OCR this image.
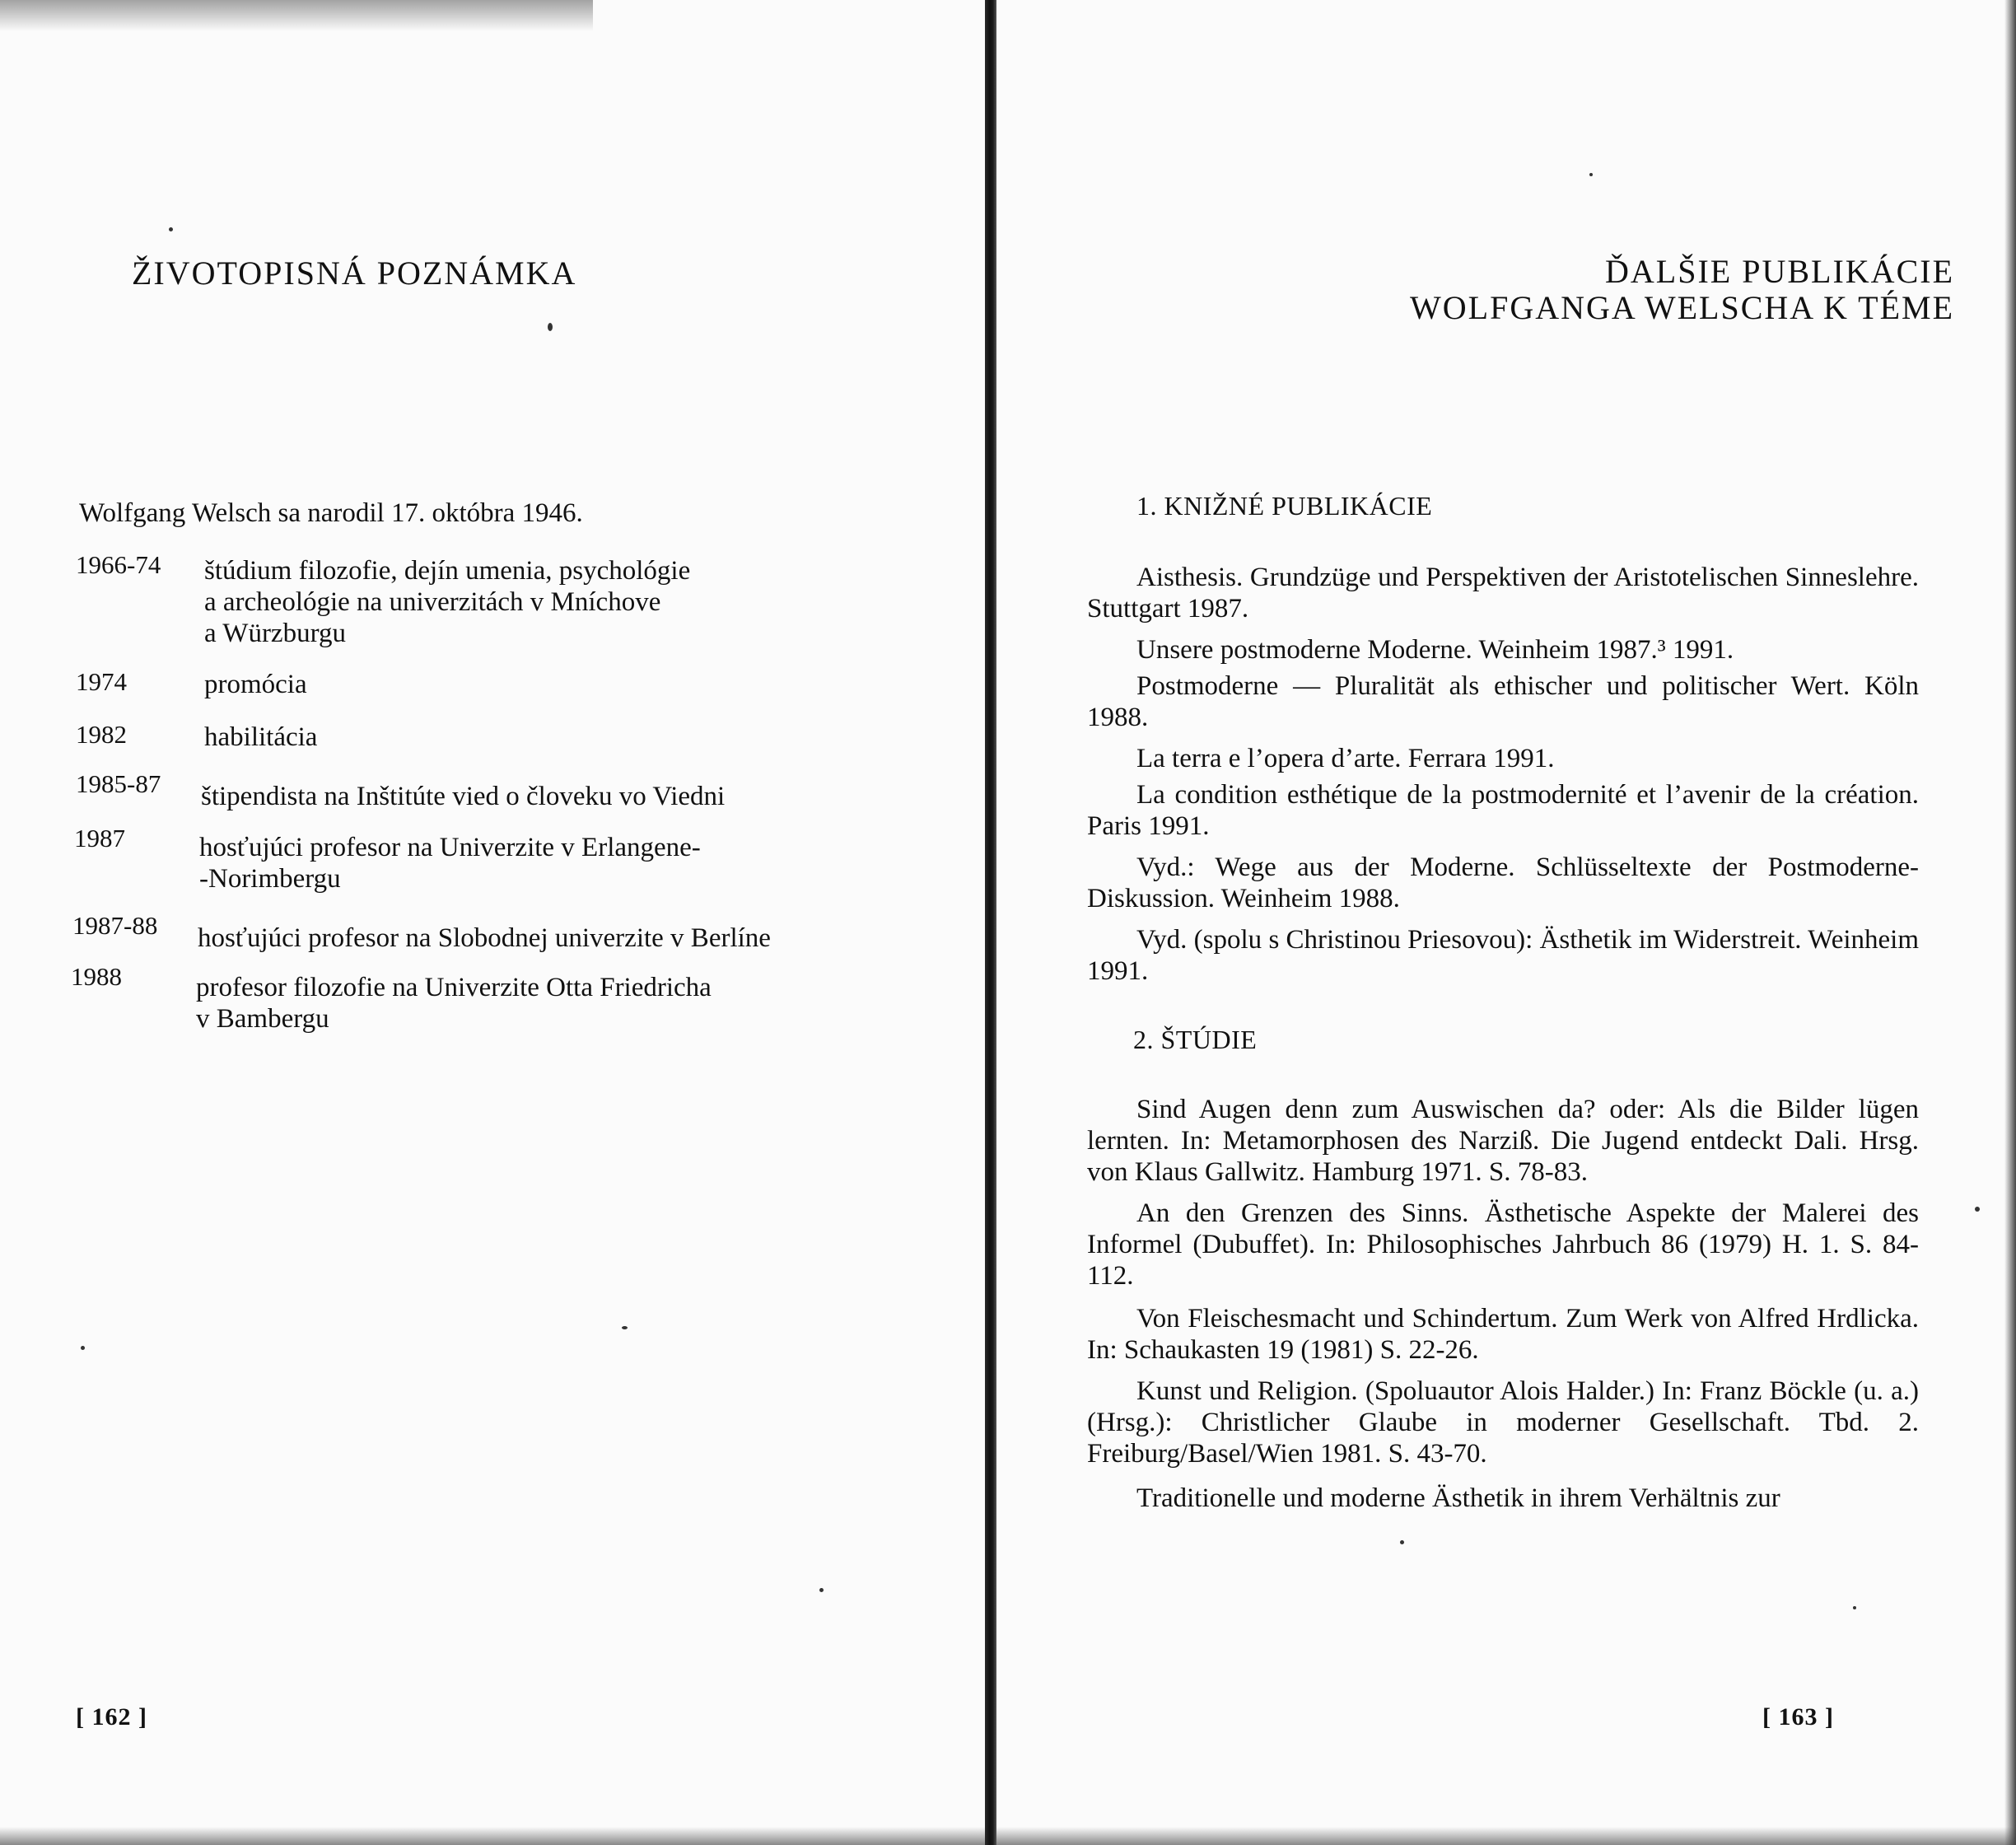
ŽIVOTOPISNÁ POZNÁMKA
Wolfgang Welsch sa narodil 17. októbra 1946.
1966-74 štúdium filozofie, dejín umenia, psychológie
a archeológie na univerzitách v Mníchove
a Würzburgu
1974	promócia
1982	habilitácia
1985-87 štipendista na Inštitúte vied o človeku vo Viedni
1987	hosťujúci profesor na Univerzite v Erlangene-
-Norimbergu
1987-88 hosťujúci profesor na Slobodnej univerzite v Berlíne
1988	profesor filozofie na Univerzite Otta Friedricha
v Bambergu
[ 162 ]
ĎALŠIE PUBLIKÁCIE
WOLFGANGA WELSCHA K TÉME
1. KNIŽNÉ PUBLIKÁCIE
Aisthesis. Grundzüge und Perspektiven der Aristotelischen Sinneslehre. Stuttgart 1987.
Unsere postmoderne Moderne. Weinheim 1987.³ 1991.
Postmoderne — Pluralität als ethischer und politischer Wert. Köln 1988.
La terra e l’opera d’arte. Ferrara 1991.
La condition esthétique de la postmodernité et l’avenir de la création. Paris 1991.
Vyd.: Wege aus der Moderne. Schlüsseltexte der Postmoderne-Diskussion. Weinheim 1988.
Vyd. (spolu s Christinou Priesovou): Ästhetik im Widerstreit. Weinheim 1991.
2. ŠTÚDIE
Sind Augen denn zum Auswischen da? oder: Als die Bilder lügen lernten. In: Metamorphosen des Narziß. Die Jugend entdeckt Dali. Hrsg. von Klaus Gallwitz. Hamburg 1971. S. 78-83.
An den Grenzen des Sinns. Ästhetische Aspekte der Malerei des Informel (Dubuffet). In: Philosophisches Jahrbuch 86 (1979) H. 1. S. 84-112.
Von Fleischesmacht und Schindertum. Zum Werk von Alfred Hrdlicka. In: Schaukasten 19 (1981) S. 22-26.
Kunst und Religion. (Spoluautor Alois Halder.) In: Franz Böckle (u. a.) (Hrsg.): Christlicher Glaube in moderner Gesellschaft. Tbd. 2. Freiburg/Basel/Wien 1981. S. 43-70.
Traditionelle und moderne Ästhetik in ihrem Verhältnis zur
[ 163 ]
